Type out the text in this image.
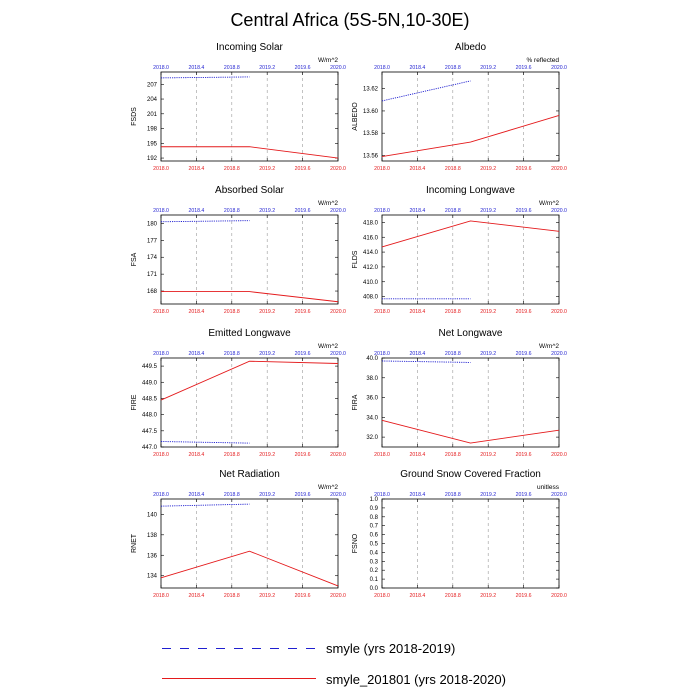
Central Africa (5S-5N,10-30E)
Incoming Solar
W/m^2
FSDS
2018.0
2018.0
2018.4
2018.4
2018.8
2018.8
2019.2
2019.2
2019.6
2019.6
2020.0
2020.0
192
195
198
201
204
207
Albedo
% reflected
ALBEDO
2018.0
2018.0
2018.4
2018.4
2018.8
2018.8
2019.2
2019.2
2019.6
2019.6
2020.0
2020.0
13.56
13.58
13.60
13.62
Absorbed Solar
W/m^2
FSA
2018.0
2018.0
2018.4
2018.4
2018.8
2018.8
2019.2
2019.2
2019.6
2019.6
2020.0
2020.0
168
171
174
177
180
Incoming Longwave
W/m^2
FLDS
2018.0
2018.0
2018.4
2018.4
2018.8
2018.8
2019.2
2019.2
2019.6
2019.6
2020.0
2020.0
408.0
410.0
412.0
414.0
416.0
418.0
Emitted Longwave
W/m^2
FIRE
2018.0
2018.0
2018.4
2018.4
2018.8
2018.8
2019.2
2019.2
2019.6
2019.6
2020.0
2020.0
447.0
447.5
448.0
448.5
449.0
449.5
Net Longwave
W/m^2
FIRA
2018.0
2018.0
2018.4
2018.4
2018.8
2018.8
2019.2
2019.2
2019.6
2019.6
2020.0
2020.0
32.0
34.0
36.0
38.0
40.0
Net Radiation
W/m^2
RNET
2018.0
2018.0
2018.4
2018.4
2018.8
2018.8
2019.2
2019.2
2019.6
2019.6
2020.0
2020.0
134
136
138
140
Ground Snow Covered Fraction
unitless
FSNO
2018.0
2018.0
2018.4
2018.4
2018.8
2018.8
2019.2
2019.2
2019.6
2019.6
2020.0
2020.0
0.0
0.1
0.2
0.3
0.4
0.5
0.6
0.7
0.8
0.9
1.0
smyle (yrs 2018-2019)
smyle_201801 (yrs 2018-2020)
